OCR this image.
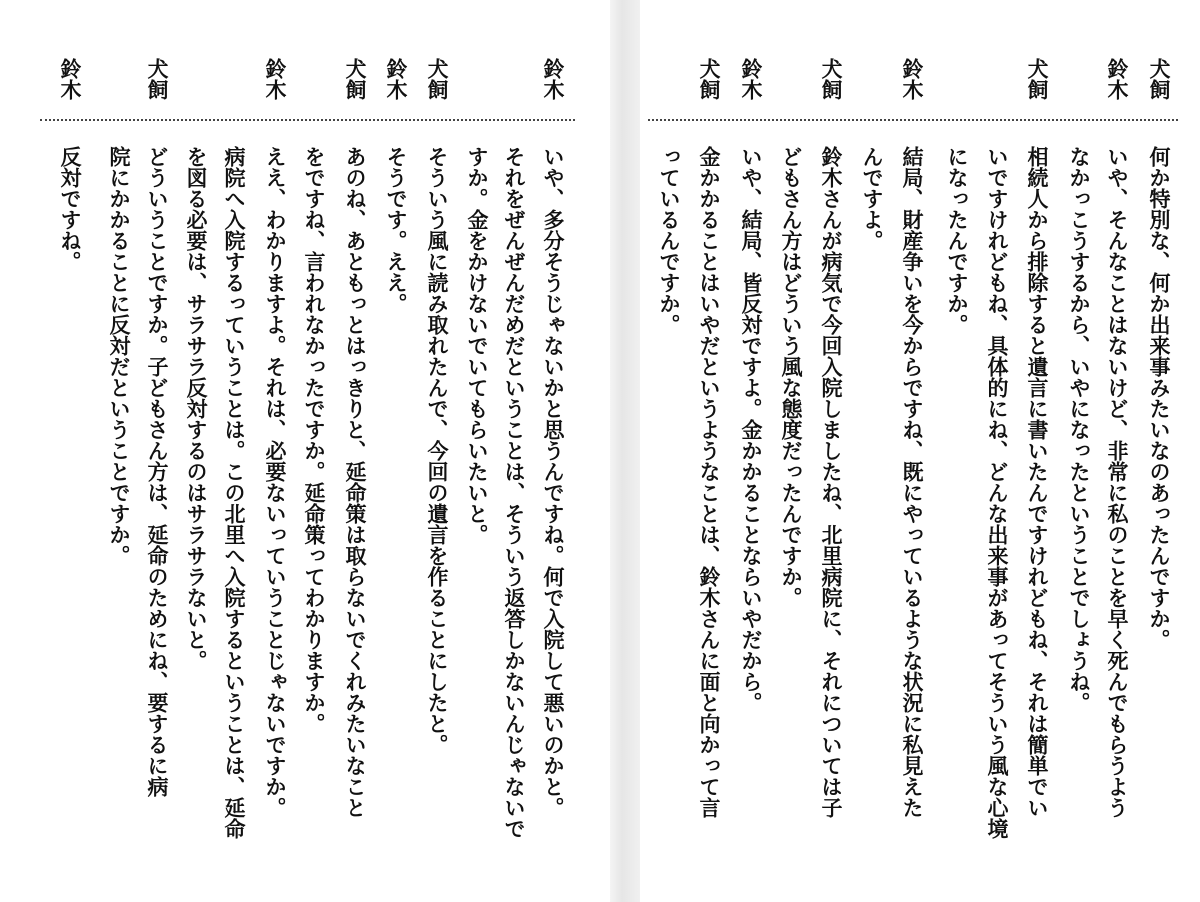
犬飼
何か特別な、何か出来事みたいなのあったんですか。
鈴木
いや、そんなことはないけど、非常に私のことを早く死んでもらうよう
なかっこうするから、いやになったということでしょうね。
犬飼
相続人から排除すると遺言に書いたんですけれどもね、それは簡単でい
いですけれどもね、具体的にね、どんな出来事があってそういう風な心境
になったんですか。
鈴木
結局、財産争いを今からですね、既にやっているような状況に私見えた
んですよ。
犬飼
鈴木さんが病気で今回入院しましたね、北里病院に、それについては子
どもさん方はどういう風な態度だったんですか。
鈴木
いや、結局、皆反対ですよ。金かかることならいやだから。
犬飼
金かかることはいやだというようなことは、鈴木さんに面と向かって言
っているんですか。
鈴木
いや、多分そうじゃないかと思うんですね。何で入院して悪いのかと。
それをぜんぜんだめだということは、そういう返答しかないんじゃないで
すか。金をかけないでいてもらいたいと。
犬飼
そういう風に読み取れたんで、今回の遺言を作ることにしたと。
鈴木
そうです。ええ。
犬飼
あのね、あともっとはっきりと、延命策は取らないでくれみたいなこと
をですね、言われなかったですか。延命策ってわかりますか。
鈴木
ええ、わかりますよ。それは、必要ないっていうことじゃないですか。
病院へ入院するっていうことは。この北里へ入院するということは、延命
を図る必要は、サラサラ反対するのはサラサラないと。
犬飼
どういうことですか。子どもさん方は、延命のためにね、要するに病
院にかかることに反対だということですか。
鈴木
反対ですね。
